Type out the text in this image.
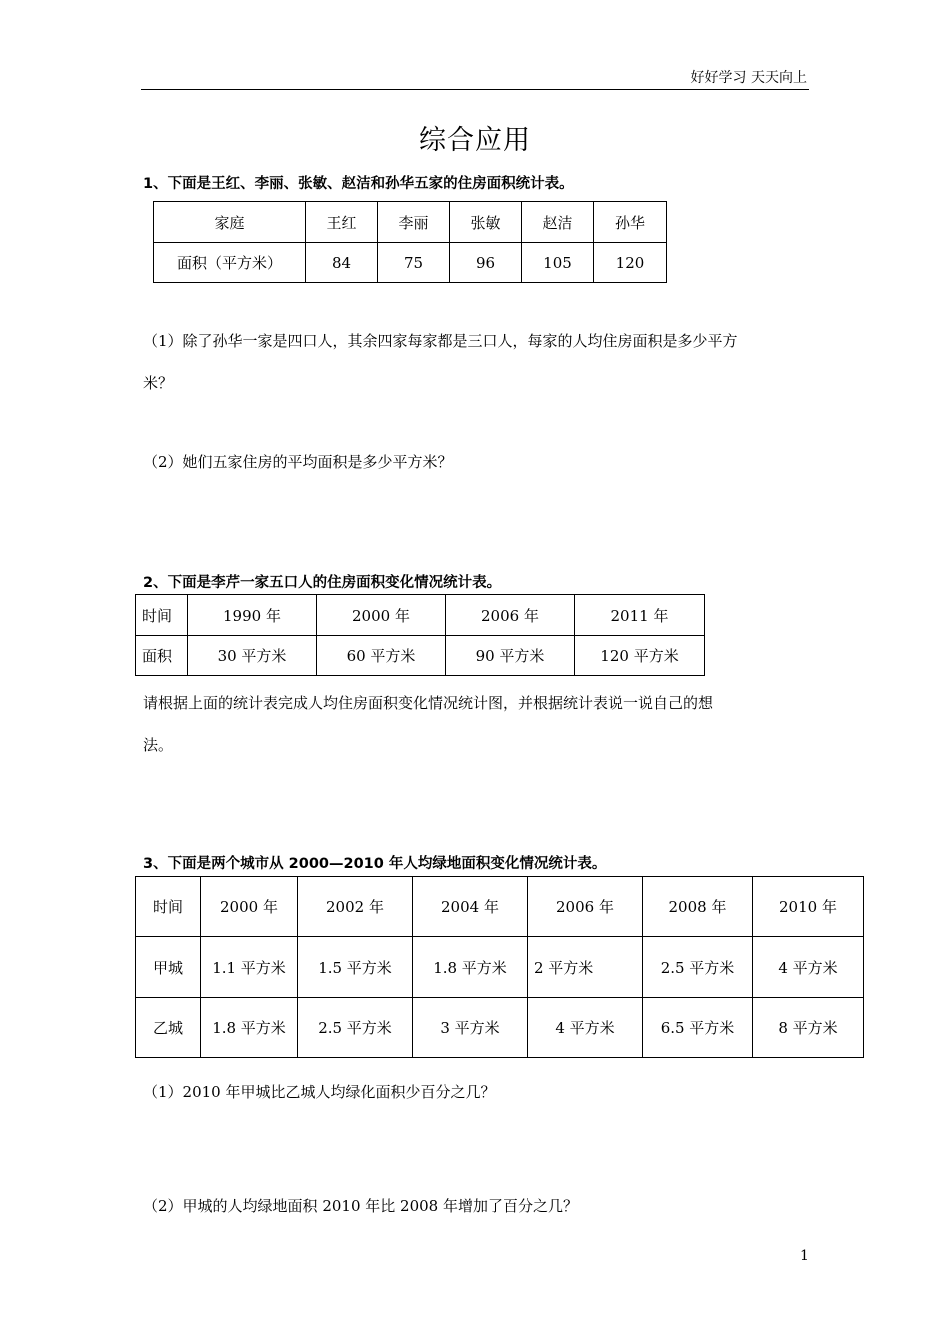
好好学习 天天向上
综合应用
1、下面是王红、李丽、张敏、赵洁和孙华五家的住房面积统计表。
家庭	王红	李丽	张敏	赵洁	孙华
面积（平方米）	84	75	96	105	120
（1）除了孙华一家是四口人，其余四家每家都是三口人，每家的人均住房面积是多少平方
米？
（2）她们五家住房的平均面积是多少平方米？
2、下面是李芹一家五口人的住房面积变化情况统计表。
时间	1990 年	2000 年	2006 年	2011 年
面积	30 平方米	60 平方米	90 平方米	120 平方米
请根据上面的统计表完成人均住房面积变化情况统计图，并根据统计表说一说自己的想
法。
3、下面是两个城市从 2000—2010 年人均绿地面积变化情况统计表。
时间	2000 年	2002 年	2004 年	2006 年	2008 年	2010 年
甲城	1.1 平方米	1.5 平方米	1.8 平方米	2 平方米	2.5 平方米	4 平方米
乙城	1.8 平方米	2.5 平方米	3 平方米	4 平方米	6.5 平方米	8 平方米
（1）2010 年甲城比乙城人均绿化面积少百分之几？
（2）甲城的人均绿地面积 2010 年比 2008 年增加了百分之几？
1
